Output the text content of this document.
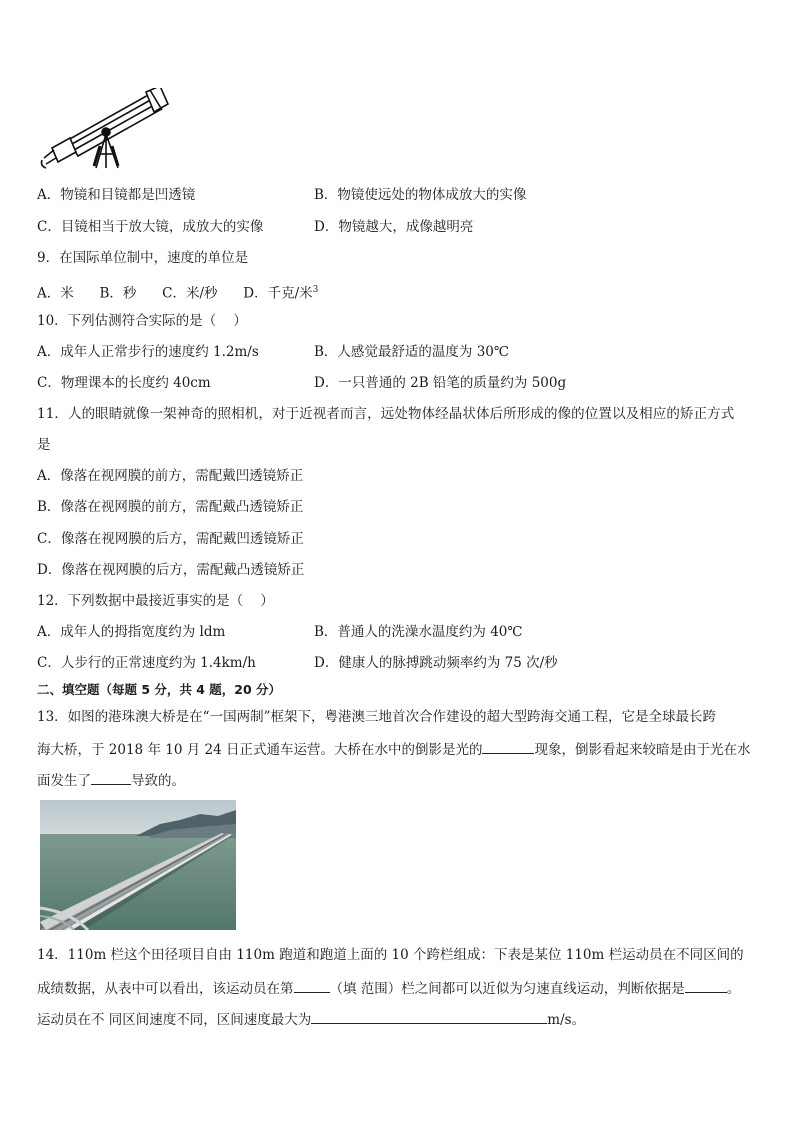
A．物镜和目镜都是凹透镜	B．物镜使远处的物体成放大的实像
C．目镜相当于放大镜，成放大的实像	D．物镜越大，成像越明亮
9．在国际单位制中，速度的单位是
A．米      B．秒      C．米/秒      D．千克/米$^3$
10．下列估测符合实际的是（    ）
A．成年人正常步行的速度约 1.2m/s	B．人感觉最舒适的温度为 30℃
C．物理课本的长度约 40cm	D．一只普通的 2B 铅笔的质量约为 500g
11．人的眼睛就像一架神奇的照相机，对于近视者而言，远处物体经晶状体后所形成的像的位置以及相应的矫正方式
是
A．像落在视网膜的前方，需配戴凹透镜矫正
B．像落在视网膜的前方，需配戴凸透镜矫正
C．像落在视网膜的后方，需配戴凹透镜矫正
D．像落在视网膜的后方，需配戴凸透镜矫正
12．下列数据中最接近事实的是（    ）
A．成年人的拇指宽度约为 ldm	B．普通人的洗澡水温度约为 40℃
C．人步行的正常速度约为 1.4km/h	D．健康人的脉搏跳动频率约为 75 次/秒
二、填空题（每题 5 分，共 4 题，20 分）
13．如图的港珠澳大桥是在“一国两制”框架下，粤港澳三地首次合作建设的超大型跨海交通工程，它是全球最长跨
海大桥，于 2018 年 10 月 24 日正式通车运营。大桥在水中的倒影是光的	现象，倒影看起来较暗是由于光在水
面发生了	导致的。
14．110m 栏这个田径项目自由 110m 跑道和跑道上面的 10 个跨栏组成：下表是某位 110m 栏运动员在不同区间的
成绩数据，从表中可以看出，该运动员在第	（填 范围）栏之间都可以近似为匀速直线运动，判断依据是	。
运动员在不 同区间速度不同，区间速度最大为	m/s。
